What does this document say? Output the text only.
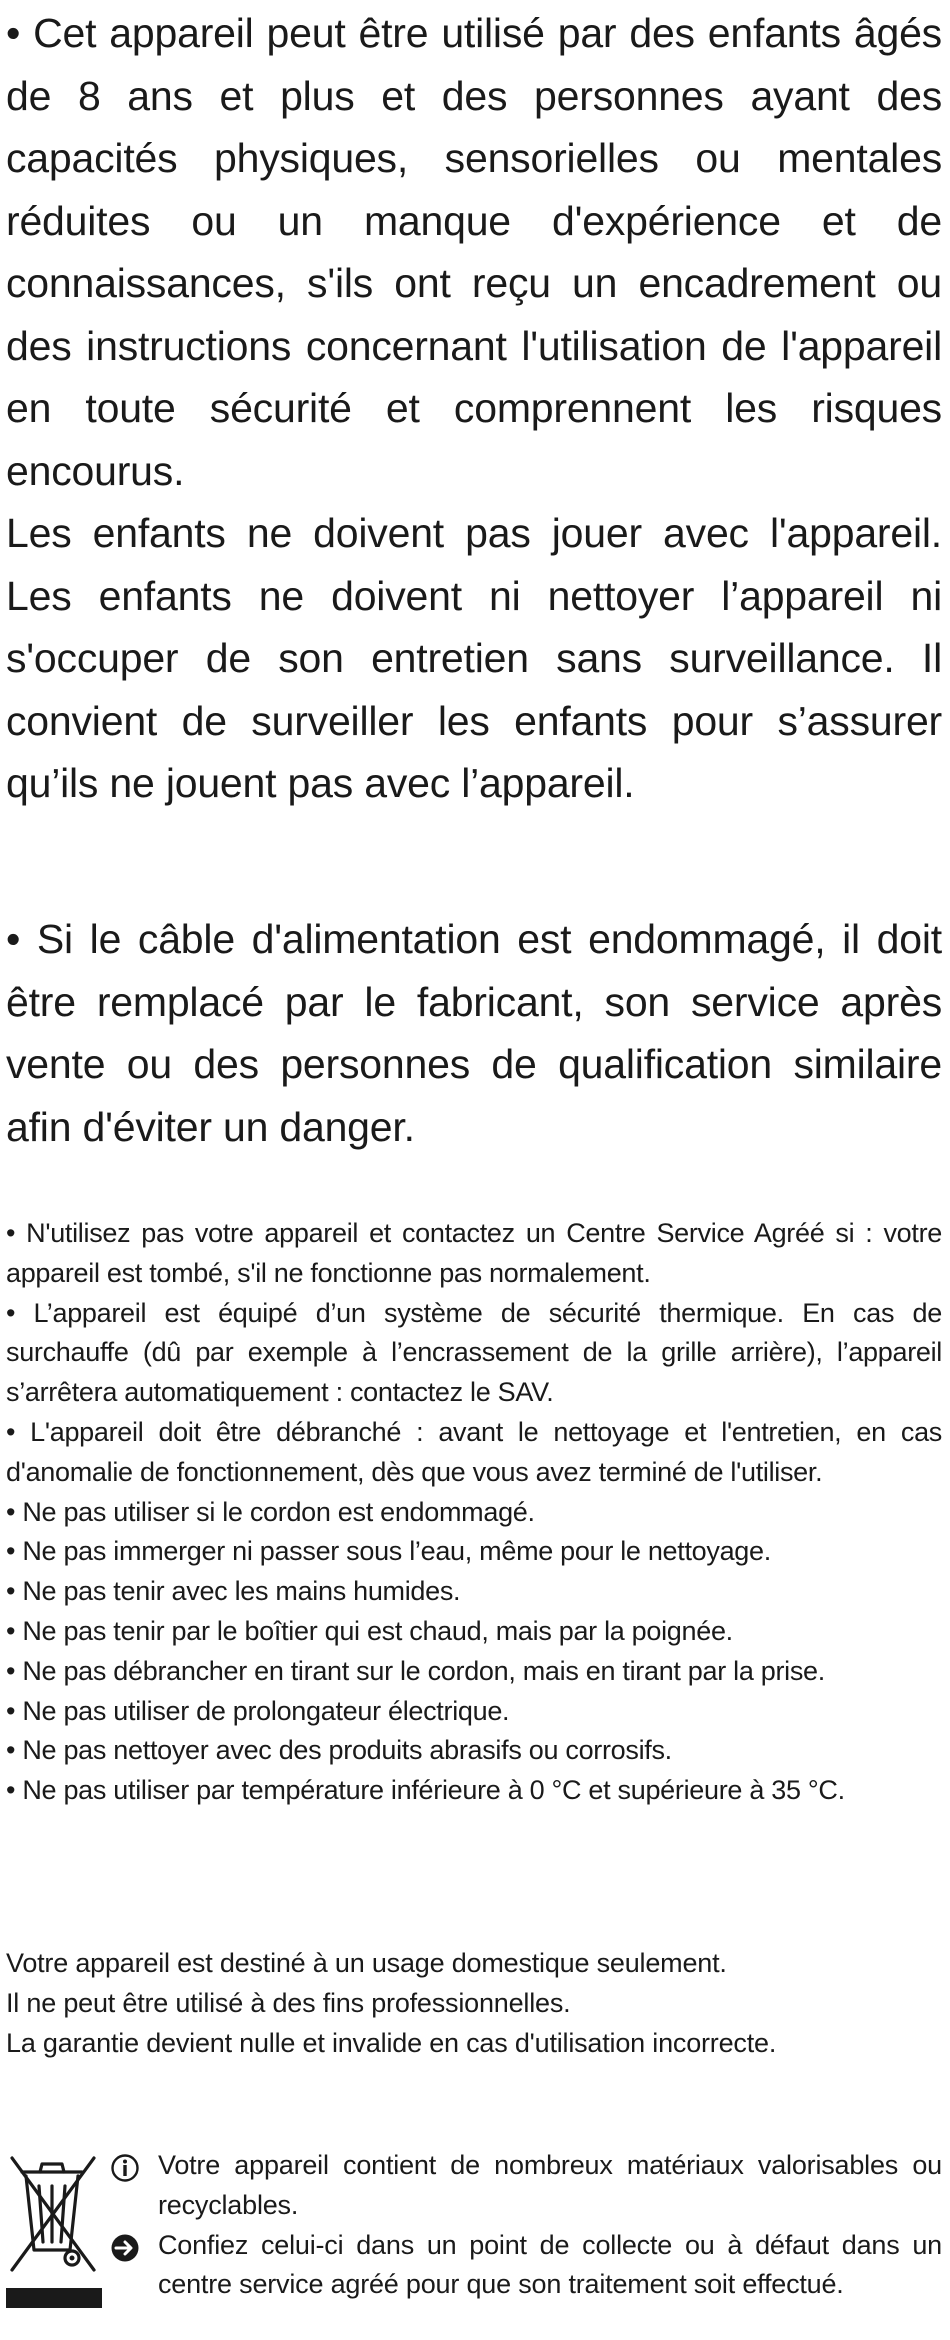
• Cet appareil peut être utilisé par des enfants âgés de 8 ans et plus et des personnes ayant des capacités physiques, sensorielles ou mentales réduites ou un manque d'expérience et de connaissances, s'ils ont reçu un encadrement ou des instructions concernant l'utilisation de l'appareil en toute sécurité et comprennent les risques encourus.

Les enfants ne doivent pas jouer avec l'appareil. Les enfants ne doivent ni nettoyer l’appareil ni s'occuper de son entretien sans surveillance. Il convient de surveiller les enfants pour s’assurer qu’ils ne jouent pas avec l’appareil.

• Si le câble d'alimentation est endommagé, il doit être remplacé par le fabricant, son service après vente ou des personnes de qualification similaire afin d'éviter un danger.

• N'utilisez pas votre appareil et contactez un Centre Service Agréé si : votre appareil est tombé, s'il ne fonctionne pas normalement.

• L’appareil est équipé d’un système de sécurité thermique. En cas de surchauffe (dû par exemple à l’encrassement de la grille arrière), l’appareil s’arrêtera automatiquement : contactez le SAV.

• L'appareil doit être débranché : avant le nettoyage et l'entretien, en cas d'anomalie de fonctionnement, dès que vous avez terminé de l'utiliser.

• Ne pas utiliser si le cordon est endommagé.

• Ne pas immerger ni passer sous l’eau, même pour le nettoyage.

• Ne pas tenir avec les mains humides.

• Ne pas tenir par le boîtier qui est chaud, mais par la poignée.

• Ne pas débrancher en tirant sur le cordon, mais en tirant par la prise.

• Ne pas utiliser de prolongateur électrique.

• Ne pas nettoyer avec des produits abrasifs ou corrosifs.

• Ne pas utiliser par température inférieure à 0 °C et supérieure à 35 °C.

Votre appareil est destiné à un usage domestique seulement.

Il ne peut être utilisé à des fins professionnelles.

La garantie devient nulle et invalide en cas d'utilisation incorrecte.

Votre appareil contient de nombreux matériaux valorisables ou recyclables.

Confiez celui-ci dans un point de collecte ou à défaut dans un centre service agréé pour que son traitement soit effectué.
